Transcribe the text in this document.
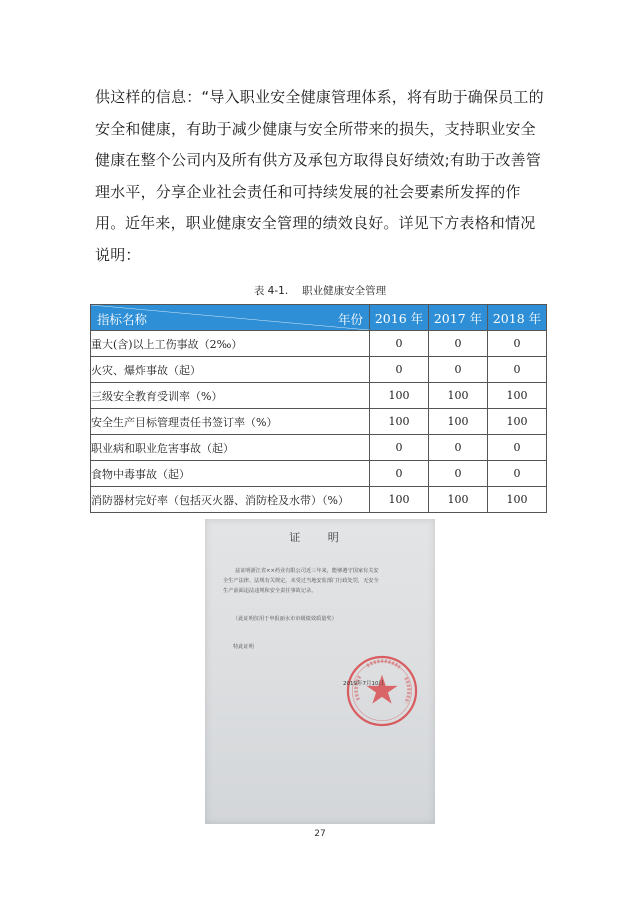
供这样的信息：“导入职业安全健康管理体系，将有助于确保员工的安全和健康，有助于减少健康与安全所带来的损失，支持职业安全健康在整个公司内及所有供方及承包方取得良好绩效;有助于改善管理水平，分享企业社会责任和可持续发展的社会要素所发挥的作用。 近年来，职业健康安全管理的绩效良好。详见下方表格和情况说明：

表 4-1. 职业健康安全管理
指标名称 年份	2016 年	2017 年	2018 年
重大(含)以上工伤事故（2‰）	0	0	0
火灾、爆炸事故（起）	0	0	0
三级安全教育受训率（%）	100	100	100
安全生产目标管理责任书签订率（%）	100	100	100
职业病和职业危害事故（起）	0	0	0
食物中毒事故（起）	0	0	0
消防器材完好率（包括灭火器、消防栓及水带）（%）	100	100	100
证 明

兹证明浙江省××药业有限公司近三年来，能够遵守国家有关安

全生产法律、法规有关规定，未受过当地安监部门行政处罚，无安全

生产前面违法违规和安全责任事故记录。

（此证明仅用于申报丽水市市级绩效质量奖）

特此证明

2019年7月10日
27
